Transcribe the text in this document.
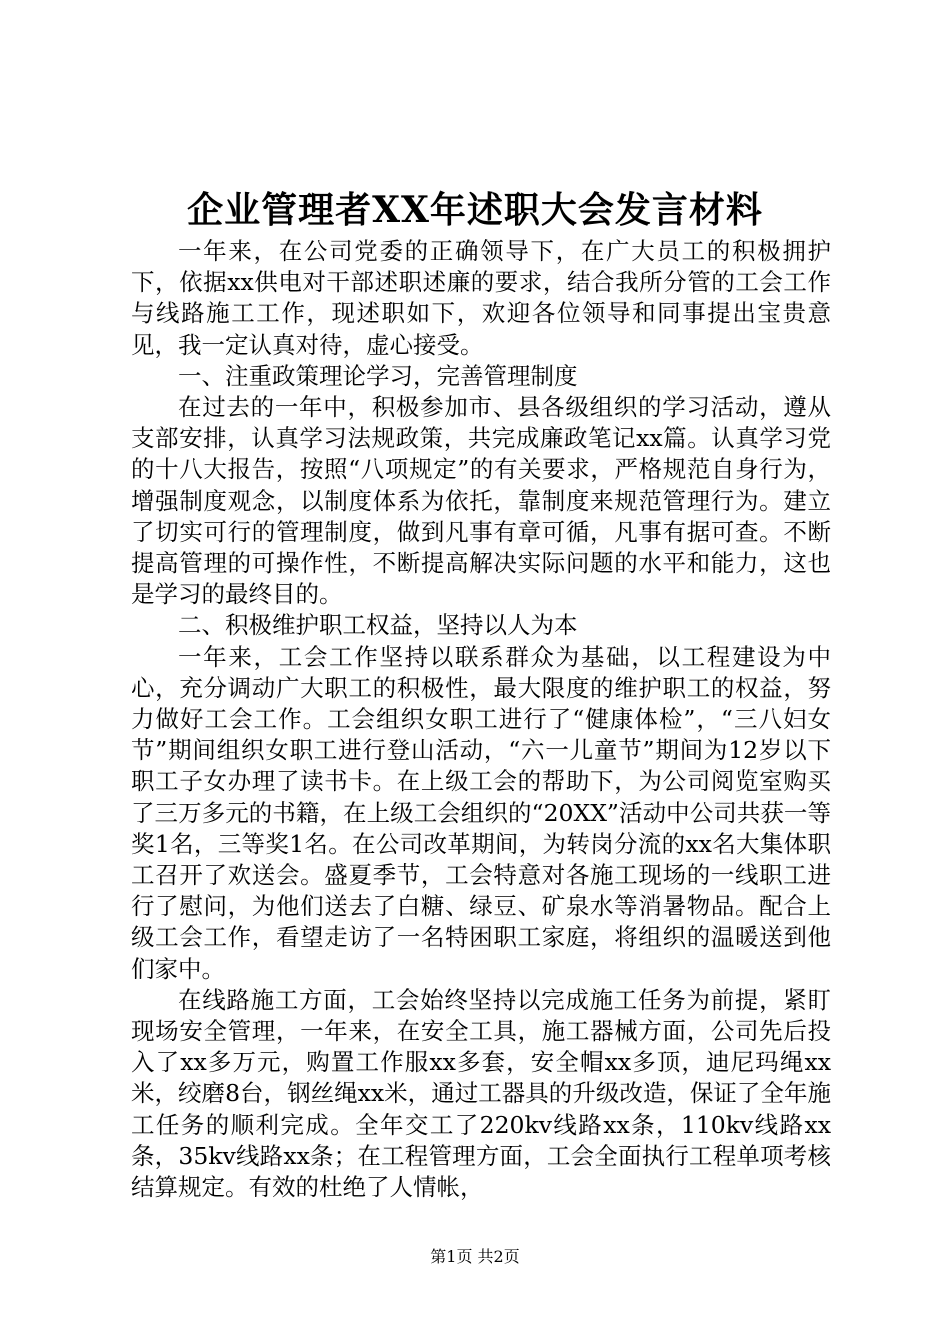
企业管理者XX年述职大会发言材料

一年来，在公司党委的正确领导下，在广大员工的积极拥护下，依据xx供电对干部述职述廉的要求，结合我所分管的工会工作与线路施工工作，现述职如下，欢迎各位领导和同事提出宝贵意见，我一定认真对待，虚心接受。

一、注重政策理论学习，完善管理制度

在过去的一年中，积极参加市、县各级组织的学习活动，遵从支部安排，认真学习法规政策，共完成廉政笔记xx篇。认真学习党的十八大报告，按照“八项规定”的有关要求，严格规范自身行为，增强制度观念，以制度体系为依托，靠制度来规范管理行为。建立了切实可行的管理制度，做到凡事有章可循，凡事有据可查。不断提高管理的可操作性，不断提高解决实际问题的水平和能力，这也是学习的最终目的。

二、积极维护职工权益，坚持以人为本

一年来，工会工作坚持以联系群众为基础，以工程建设为中心，充分调动广大职工的积极性，最大限度的维护职工的权益，努力做好工会工作。工会组织女职工进行了“健康体检”，“三八妇女节”期间组织女职工进行登山活动，“六一儿童节”期间为12岁以下职工子女办理了读书卡。在上级工会的帮助下，为公司阅览室购买了三万多元的书籍，在上级工会组织的“20XX”活动中公司共获一等奖1名，三等奖1名。在公司改革期间，为转岗分流的xx名大集体职工召开了欢送会。盛夏季节，工会特意对各施工现场的一线职工进行了慰问，为他们送去了白糖、绿豆、矿泉水等消暑物品。配合上级工会工作，看望走访了一名特困职工家庭，将组织的温暖送到他们家中。

在线路施工方面，工会始终坚持以完成施工任务为前提，紧盯现场安全管理，一年来，在安全工具，施工器械方面，公司先后投入了xx多万元，购置工作服xx多套，安全帽xx多顶，迪尼玛绳xx米，绞磨8台，钢丝绳xx米，通过工器具的升级改造，保证了全年施工任务的顺利完成。全年交工了220kv线路xx条，110kv线路xx条，35kv线路xx条；在工程管理方面，工会全面执行工程单项考核结算规定。有效的杜绝了人情帐，

第1页 共2页
